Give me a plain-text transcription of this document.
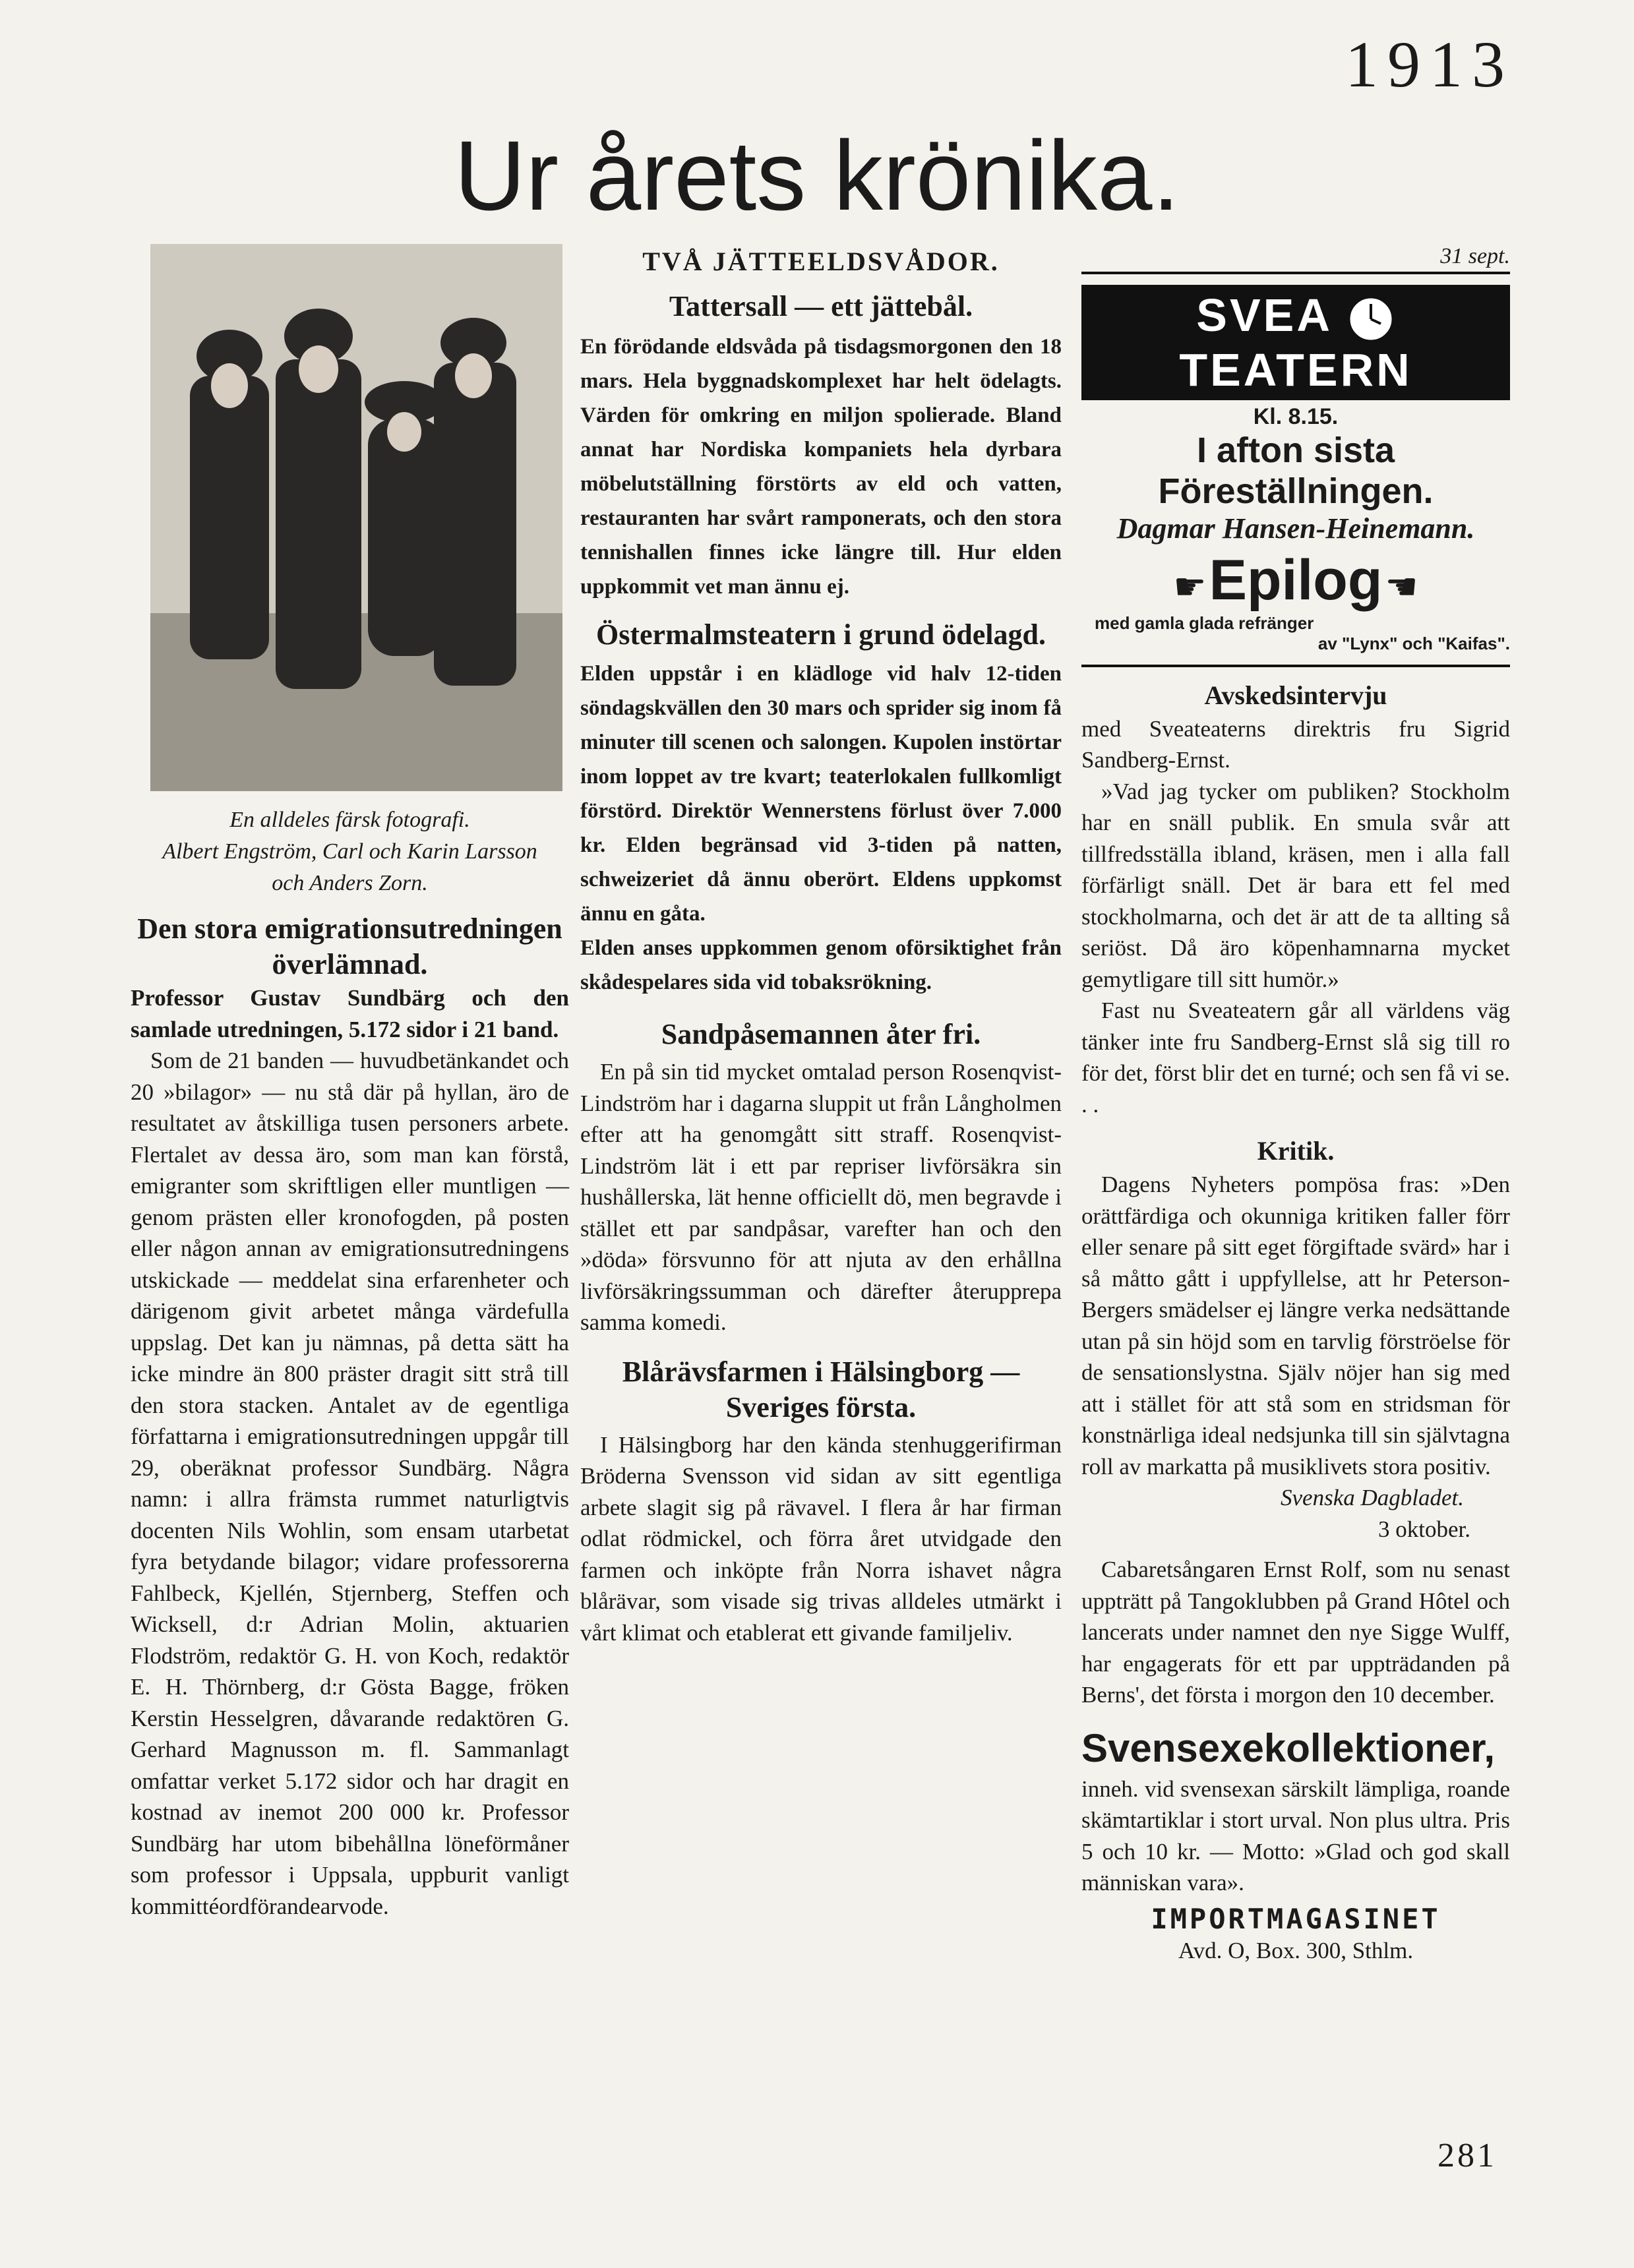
1913
Ur årets krönika.
En alldeles färsk fotografi.
Albert Engström, Carl och Karin Larsson
och Anders Zorn.
Den stora emigrationsutredningen
överlämnad.

Professor Gustav Sundbärg och den samlade utredningen, 5.172 sidor i 21 band.

Som de 21 banden — huvudbetänkandet och 20 »bilagor» — nu stå där på hyllan, äro de resultatet av åtskilliga tusen personers arbete. Flertalet av dessa äro, som man kan förstå, emigranter som skriftligen eller muntligen — genom prästen eller kronofogden, på posten eller någon annan av emigrationsutredningens utskickade — meddelat sina erfarenheter och därigenom givit arbetet många värdefulla uppslag. Det kan ju nämnas, på detta sätt ha icke mindre än 800 präster dragit sitt strå till den stora stacken. Antalet av de egentliga författarna i emigrationsutredningen uppgår till 29, oberäknat professor Sundbärg. Några namn: i allra främsta rummet naturligtvis docenten Nils Wohlin, som ensam utarbetat fyra betydande bilagor; vidare professorerna Fahlbeck, Kjellén, Stjernberg, Steffen och Wicksell, d:r Adrian Molin, aktuarien Flodström, redaktör G. H. von Koch, redaktör E. H. Thörnberg, d:r Gösta Bagge, fröken Kerstin Hesselgren, dåvarande redaktören G. Gerhard Magnusson m. fl. Sammanlagt omfattar verket 5.172 sidor och har dragit en kostnad av inemot 200 000 kr. Professor Sundbärg har utom bibehållna löneförmåner som professor i Uppsala, uppburit vanligt kommittéordförandearvode.

TVÅ JÄTTEELDSVÅDOR.

Tattersall — ett jättebål.

En förödande eldsvåda på tisdagsmorgonen den 18 mars. Hela byggnadskomplexet har helt ödelagts. Värden för omkring en miljon spolierade. Bland annat har Nordiska kompaniets hela dyrbara möbelutställning förstörts av eld och vatten, restauranten har svårt ramponerats, och den stora tennishallen finnes icke längre till. Hur elden uppkommit vet man ännu ej.

Östermalmsteatern i grund ödelagd.

Elden uppstår i en klädloge vid halv 12-tiden söndagskvällen den 30 mars och sprider sig inom få minuter till scenen och salongen. Kupolen instörtar inom loppet av tre kvart; teaterlokalen fullkomligt förstörd. Direktör Wennerstens förlust över 7.000 kr. Elden begränsad vid 3-tiden på natten, schweizeriet då ännu oberört. Eldens uppkomst ännu en gåta.

Elden anses uppkommen genom oförsiktighet från skådespelares sida vid tobaksrökning.

Sandpåsemannen åter fri.

En på sin tid mycket omtalad person Rosenqvist-Lindström har i dagarna sluppit ut från Långholmen efter att ha genomgått sitt straff. Rosenqvist-Lindström lät i ett par repriser livförsäkra sin hushållerska, lät henne officiellt dö, men begravde i stället ett par sandpåsar, varefter han och den »döda» försvunno för att njuta av den erhållna livförsäkringssumman och därefter återupprepa samma komedi.

Blårävsfarmen i Hälsingborg —
Sveriges första.

I Hälsingborg har den kända stenhuggerifirman Bröderna Svensson vid sidan av sitt egentliga arbete slagit sig på rävavel. I flera år har firman odlat rödmickel, och förra året utvidgade den farmen och inköpte från Norra ishavet några blårävar, som visade sig trivas alldeles utmärkt i vårt klimat och etablerat ett givande familjeliv.

31 sept.
SVEA  TEATERN
Kl. 8.15.
I afton sista Föreställningen.
Dagmar Hansen-Heinemann.
☛ Epilog ☚
med gamla glada refränger
av "Lynx" och "Kaifas".

Avskedsintervju

med Sveateaterns direktris fru Sigrid Sandberg-Ernst.

»Vad jag tycker om publiken? Stockholm har en snäll publik. En smula svår att tillfredsställa ibland, kräsen, men i alla fall förfärligt snäll. Det är bara ett fel med stockholmarna, och det är att de ta allting så seriöst. Då äro köpenhamnarna mycket gemytligare till sitt humör.»

Fast nu Sveateatern går all världens väg tänker inte fru Sandberg-Ernst slå sig till ro för det, först blir det en turné; och sen få vi se. . .

Kritik.

Dagens Nyheters pompösa fras: »Den orättfärdiga och okunniga kritiken faller förr eller senare på sitt eget förgiftade svärd» har i så måtto gått i uppfyllelse, att hr Peterson-Bergers smädelser ej längre verka nedsättande utan på sin höjd som en tarvlig förströelse för de sensationslystna. Själv nöjer han sig med att i stället för att stå som en stridsman för konstnärliga ideal nedsjunka till sin självtagna roll av markatta på musiklivets stora positiv.

Svenska Dagbladet.

3 oktober.

Cabaretsångaren Ernst Rolf, som nu senast uppträtt på Tangoklubben på Grand Hôtel och lancerats under namnet den nye Sigge Wulff, har engagerats för ett par uppträdanden på Berns', det första i morgon den 10 december.

Svensexekollektioner,

inneh. vid svensexan särskilt lämpliga, roande skämtartiklar i stort urval. Non plus ultra. Pris 5 och 10 kr. — Motto: »Glad och god skall människan vara».

IMPORTMAGASINET

Avd. O, Box. 300, Sthlm.

281
